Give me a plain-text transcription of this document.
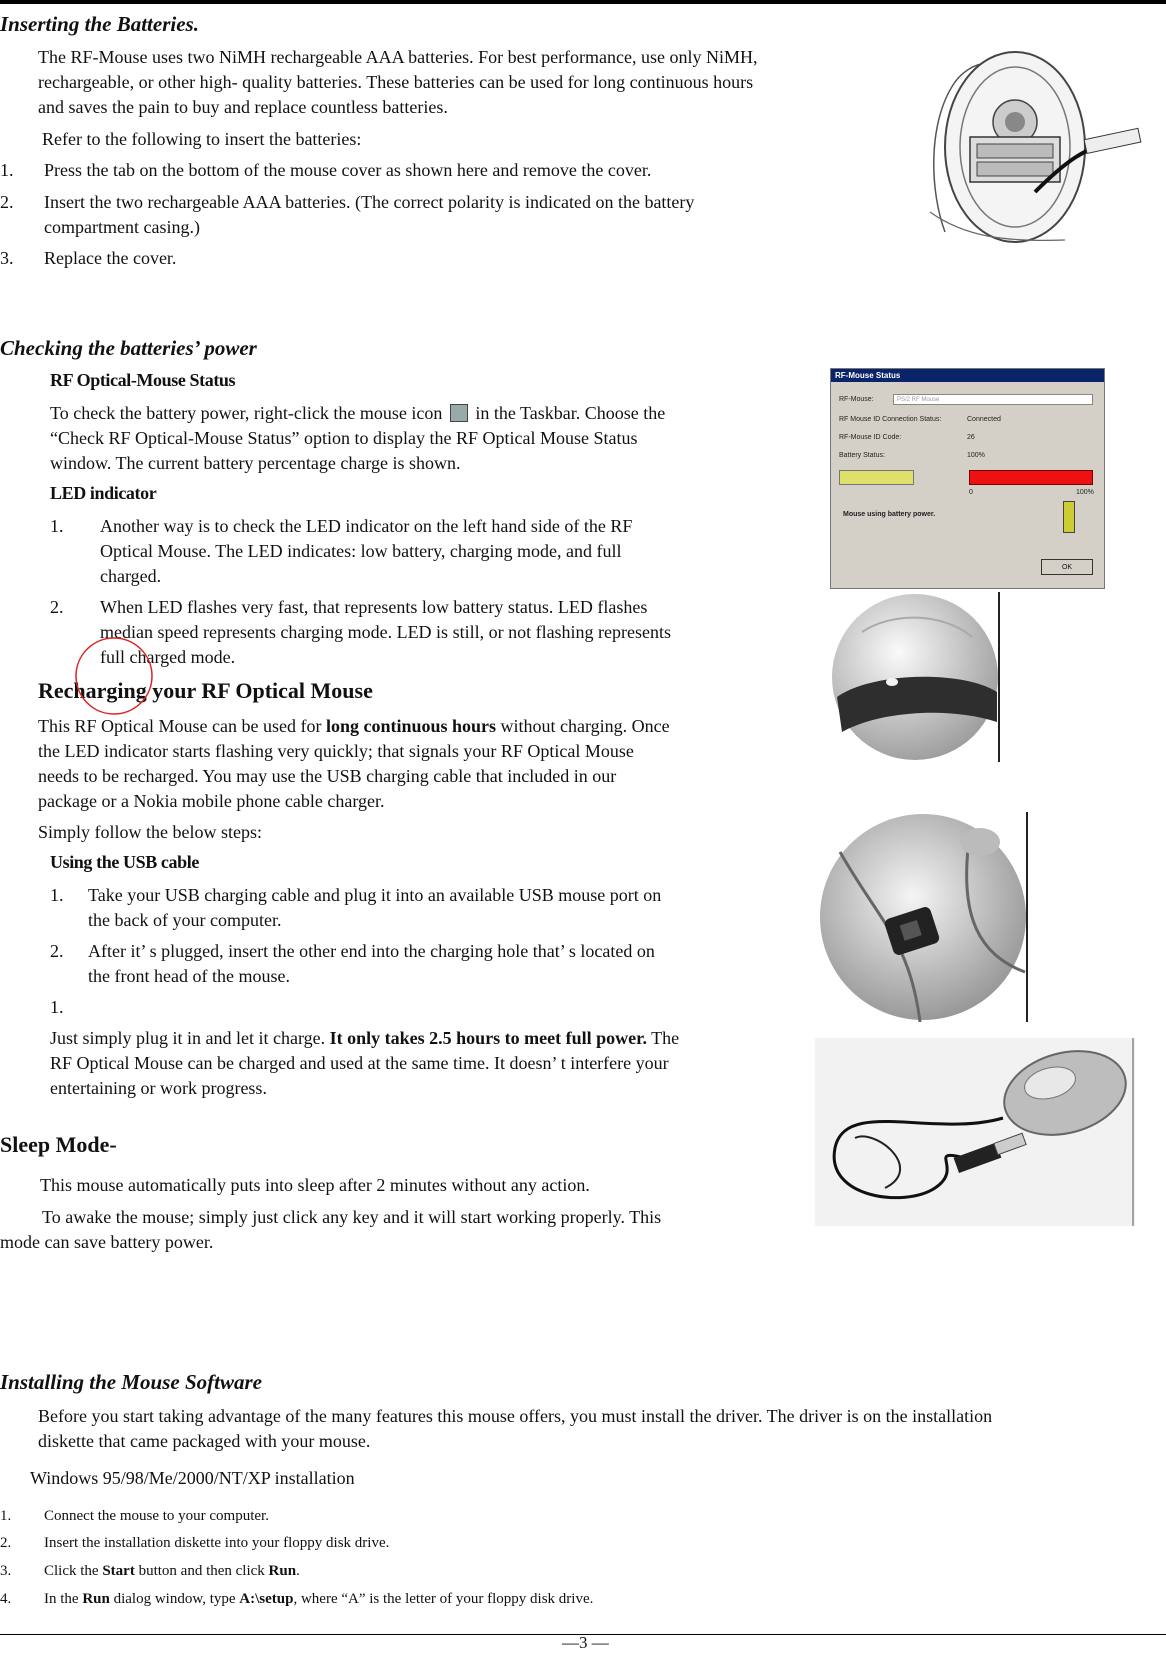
Inserting the Batteries.
The RF-Mouse uses two NiMH rechargeable AAA batteries. For best performance, use only NiMH,
rechargeable, or other high- quality batteries. These batteries can be used for long continuous hours
and saves the pain to buy and replace countless batteries.
Refer to the following to insert the batteries:
1. Press the tab on the bottom of the mouse cover as shown here and remove the cover.
2. Insert the two rechargeable AAA batteries. (The correct polarity is indicated on the battery
compartment casing.)
3. Replace the cover.
Checking the batteries’ power
RF Optical-Mouse Status
To check the battery power, right-click the mouse icon in the Taskbar. Choose the
“Check RF Optical-Mouse Status” option to display the RF Optical Mouse Status
window. The current battery percentage charge is shown.
LED indicator
1. Another way is to check the LED indicator on the left hand side of the RF
Optical Mouse. The LED indicates: low battery, charging mode, and full
charged.
2. When LED flashes very fast, that represents low battery status. LED flashes
median speed represents charging mode. LED is still, or not flashing represents
full charged mode.
RF-Mouse Status
RF-Mouse:	PS/2 RF Mouse
RF Mouse ID Connection Status:	Connected
RF-Mouse ID Code:	26
Battery Status:	100%
0	100%
Mouse using battery power.
OK
Recharging your RF Optical Mouse
This RF Optical Mouse can be used for long continuous hours without charging. Once
the LED indicator starts flashing very quickly; that signals your RF Optical Mouse
needs to be recharged. You may use the USB charging cable that included in our
package or a Nokia mobile phone cable charger.
Simply follow the below steps:
Using the USB cable
1. Take your USB charging cable and plug it into an available USB mouse port on
the back of your computer.
2. After it’ s plugged, insert the other end into the charging hole that’ s located on
the front head of the mouse.
1.
Just simply plug it in and let it charge. It only takes 2.5 hours to meet full power. The
RF Optical Mouse can be charged and used at the same time. It doesn’ t interfere your
entertaining or work progress.
Sleep Mode-
This mouse automatically puts into sleep after 2 minutes without any action.
To awake the mouse; simply just click any key and it will start working properly. This
mode can save battery power.
Installing the Mouse Software
Before you start taking advantage of the many features this mouse offers, you must install the driver. The driver is on the installation
diskette that came packaged with your mouse.
Windows 95/98/Me/2000/NT/XP installation
1. Connect the mouse to your computer.
2. Insert the installation diskette into your floppy disk drive.
3. Click the Start button and then click Run.
4. In the Run dialog window, type A:\setup, where “A” is the letter of your floppy disk drive.
—3 —
